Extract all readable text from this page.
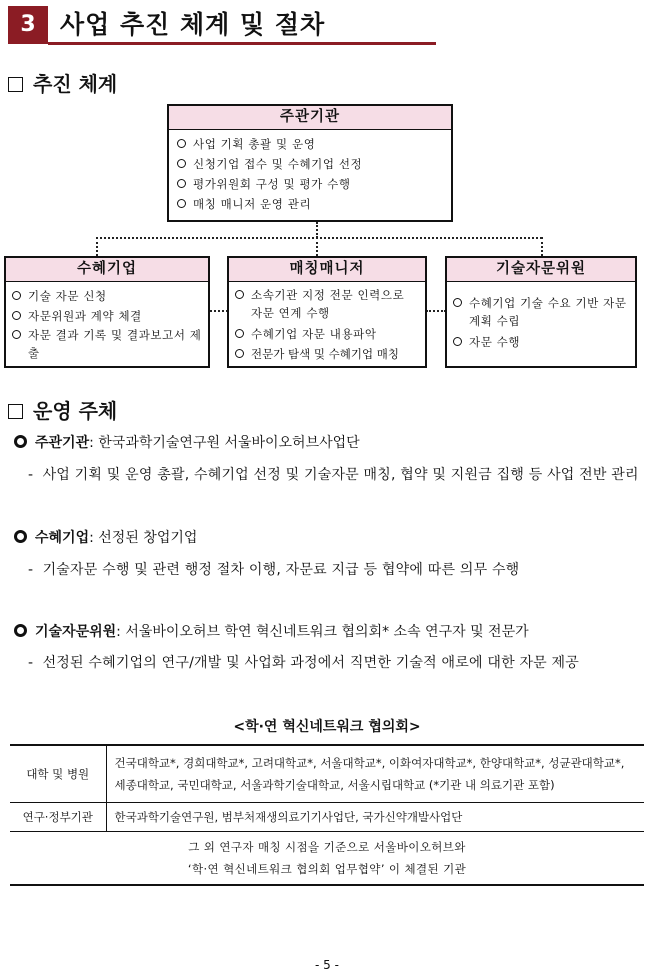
3 사업 추진 체계 및 절차
추진 체계
주관기관
사업 기획 총괄 및 운영
신청기업 접수 및 수혜기업 선정
평가위원회 구성 및 평가 수행
매칭 매니저 운영 관리
수혜기업
기술 자문 신청
자문위원과 계약 체결
자문 결과 기록 및 결과보고서 제출
매칭매니저
소속기관 지정 전문 인력으로 자문 연계 수행
수혜기업 자문 내용파악
전문가 탐색 및 수혜기업 매칭
기술자문위원
수혜기업 기술 수요 기반 자문 계획 수립
자문 수행
운영 주체
주관기관: 한국과학기술연구원 서울바이오허브사업단
- 사업 기획 및 운영 총괄, 수혜기업 선정 및 기술자문 매칭, 협약 및 지원금 집행 등 사업 전반 관리
수혜기업: 선정된 창업기업
- 기술자문 수행 및 관련 행정 절차 이행, 자문료 지급 등 협약에 따른 의무 수행
기술자문위원: 서울바이오허브 학연 혁신네트워크 협의회* 소속 연구자 및 전문가
- 선정된 수혜기업의 연구/개발 및 사업화 과정에서 직면한 기술적 애로에 대한 자문 제공
<학·연 혁신네트워크 협의회>
대학 및 병원	건국대학교*, 경희대학교*, 고려대학교*, 서울대학교*, 이화여자대학교*, 한양대학교*, 성균관대학교*, 세종대학교, 국민대학교, 서울과학기술대학교, 서울시립대학교 (*기관 내 의료기관 포함)
연구·정부기관	한국과학기술연구원, 범부처재생의료기기사업단, 국가신약개발사업단

그 외 연구자 매칭 시점을 기준으로 서울바이오허브와
‘학·연 혁신네트워크 협의회 업무협약’ 이 체결된 기관	
- 5 -
